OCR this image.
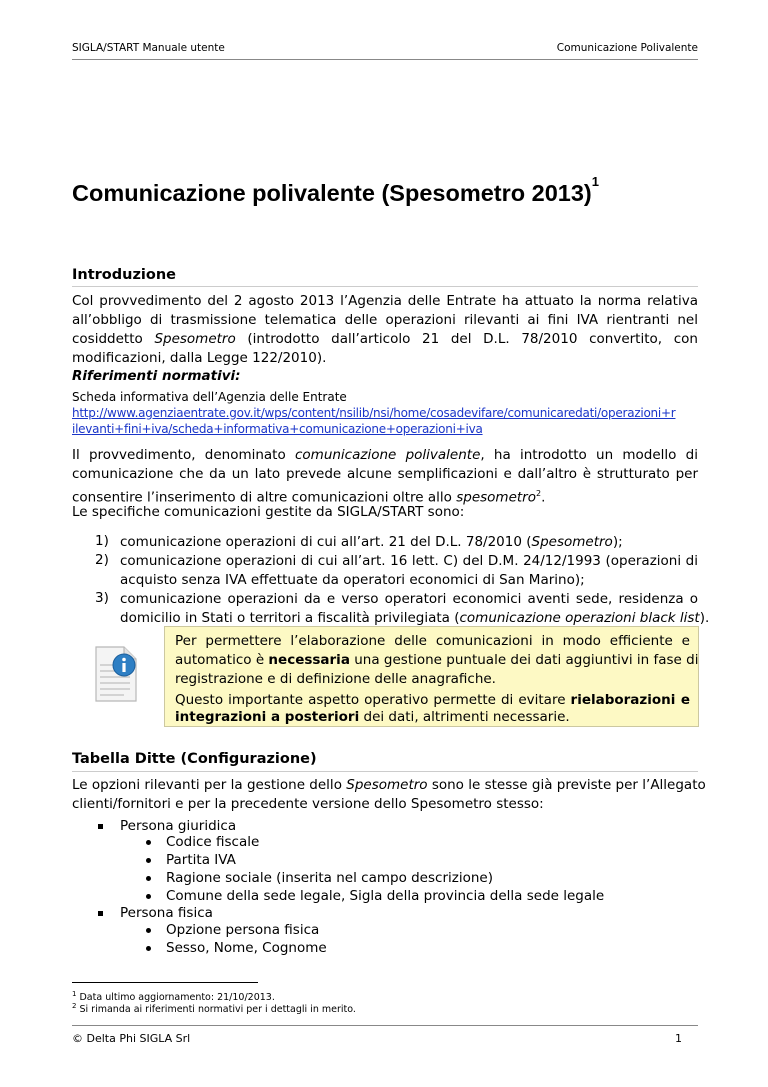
SIGLA/START Manuale utente	Comunicazione Polivalente
Comunicazione polivalente (Spesometro 2013)$^1$
Introduzione
Col provvedimento del 2 agosto 2013 l’Agenzia delle Entrate ha attuato la norma relativa
all’obbligo di trasmissione telematica delle operazioni rilevanti ai fini IVA rientranti nel
cosiddetto Spesometro (introdotto dall’articolo 21 del D.L. 78/2010 convertito, con
modificazioni, dalla Legge 122/2010).
Riferimenti normativi:
Scheda informativa dell’Agenzia delle Entrate
http://www.agenziaentrate.gov.it/wps/content/nsilib/nsi/home/cosadevifare/comunicaredati/operazioni+r
ilevanti+fini+iva/scheda+informativa+comunicazione+operazioni+iva
Il provvedimento, denominato comunicazione polivalente, ha introdotto un modello di
comunicazione che da un lato prevede alcune semplificazioni e dall’altro è strutturato per
consentire l’inserimento di altre comunicazioni oltre allo spesometro$^2$.
Le specifiche comunicazioni gestite da SIGLA/START sono:
1) comunicazione operazioni di cui all’art. 21 del D.L. 78/2010 (Spesometro);
2) comunicazione operazioni di cui all’art. 16 lett. C) del D.M. 24/12/1993 (operazioni di
acquisto senza IVA effettuate da operatori economici di San Marino);
3) comunicazione operazioni da e verso operatori economici aventi sede, residenza o
domicilio in Stati o territori a fiscalità privilegiata (comunicazione operazioni black list).
Per permettere l’elaborazione delle comunicazioni in modo efficiente e
automatico è necessaria una gestione puntuale dei dati aggiuntivi in fase di
registrazione e di definizione delle anagrafiche.
Questo importante aspetto operativo permette di evitare rielaborazioni e
integrazioni a posteriori dei dati, altrimenti necessarie.
Tabella Ditte (Configurazione)
Le opzioni rilevanti per la gestione dello Spesometro sono le stesse già previste per l’Allegato
clienti/fornitori e per la precedente versione dello Spesometro stesso:
Persona giuridica
Codice fiscale
Partita IVA
Ragione sociale (inserita nel campo descrizione)
Comune della sede legale, Sigla della provincia della sede legale
Persona fisica
Opzione persona fisica
Sesso, Nome, Cognome
$^1$ Data ultimo aggiornamento: 21/10/2013.
$^2$ Si rimanda ai riferimenti normativi per i dettagli in merito.
© Delta Phi SIGLA Srl	1
